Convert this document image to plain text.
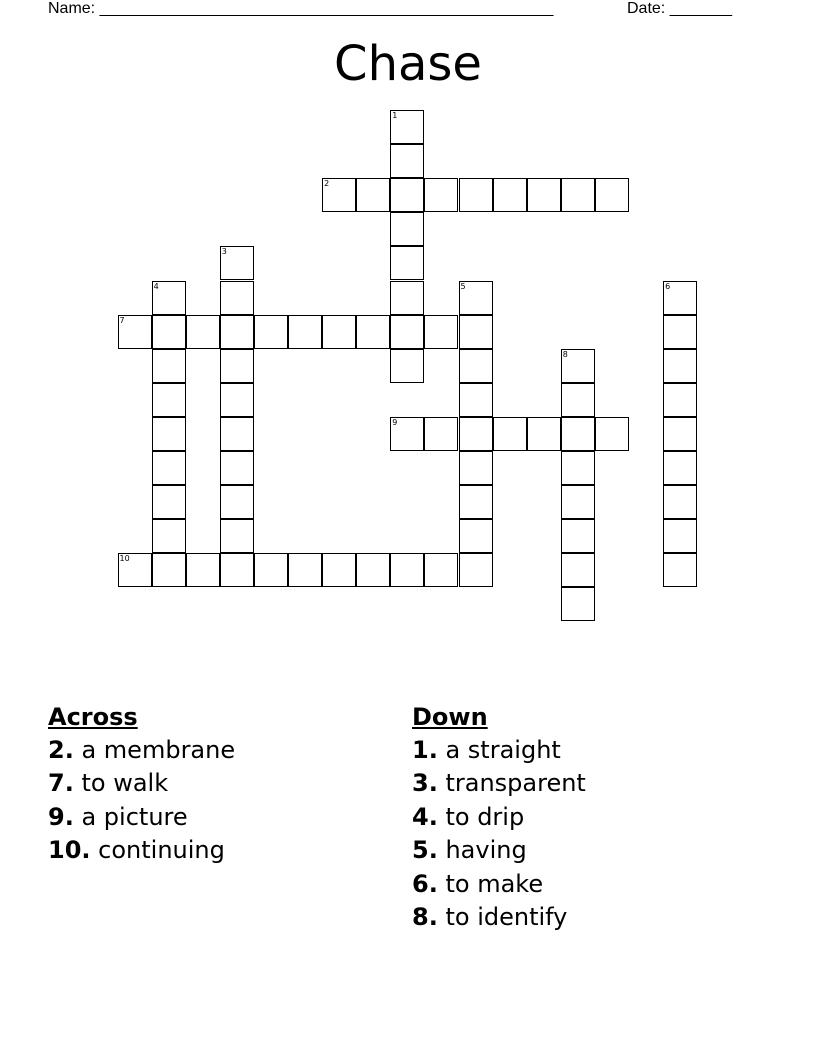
Name: ___________________________________________________	Date: _______
Chase
1
2
3
4	5	6
7
8
9
10
Across
2. a membrane
7. to walk
9. a picture
10. continuing
Down
1. a straight
3. transparent
4. to drip
5. having
6. to make
8. to identify
